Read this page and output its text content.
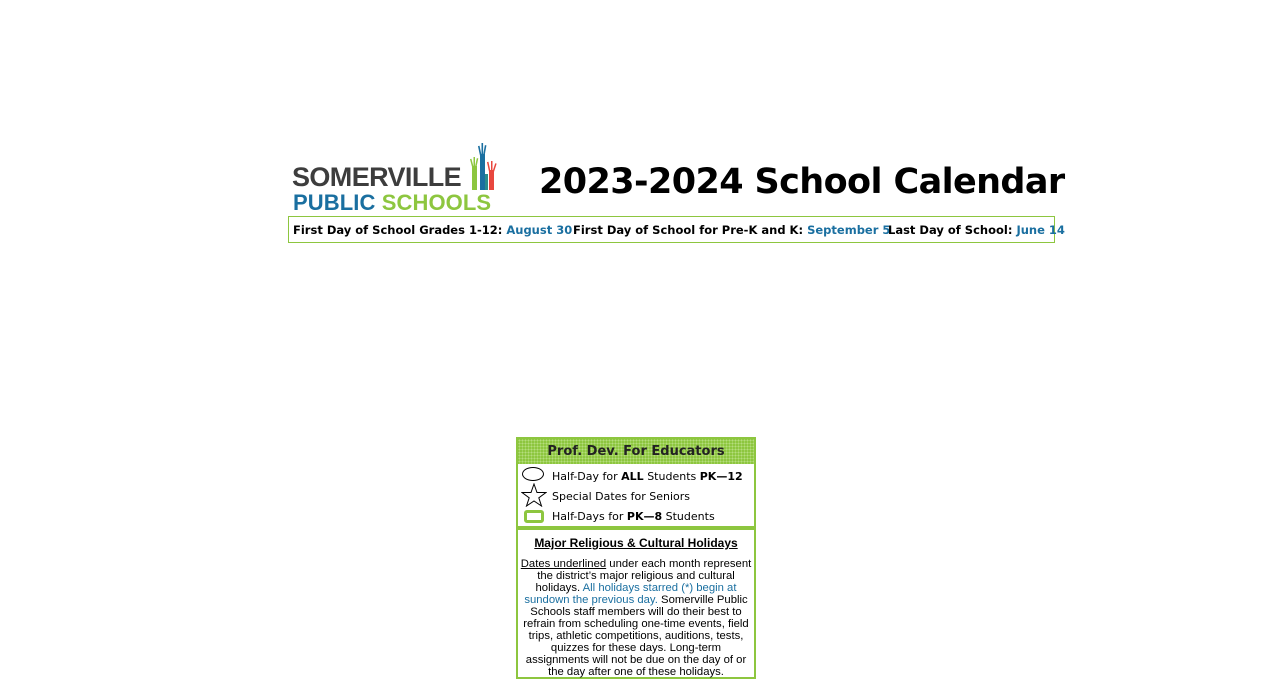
SOMERVILLE
PUBLIC SCHOOLS
2023-2024 School Calendar
First Day of School Grades 1-12: August 30 First Day of School for Pre-K and K: September 5
Last Day of School: June 14
Prof. Dev. For Educators
Half-Day for ALL Students PK—12
Special Dates for Seniors
Half-Days for PK—8 Students
Major Religious & Cultural Holidays

Dates underlined under each month represent the district’s major religious and cultural holidays. All holidays starred (*) begin at sundown the previous day. Somerville Public Schools staff members will do their best to refrain from scheduling one-time events, field trips, athletic competitions, auditions, tests, quizzes for these days. Long-term assignments will not be due on the day of or the day after one of these holidays.
